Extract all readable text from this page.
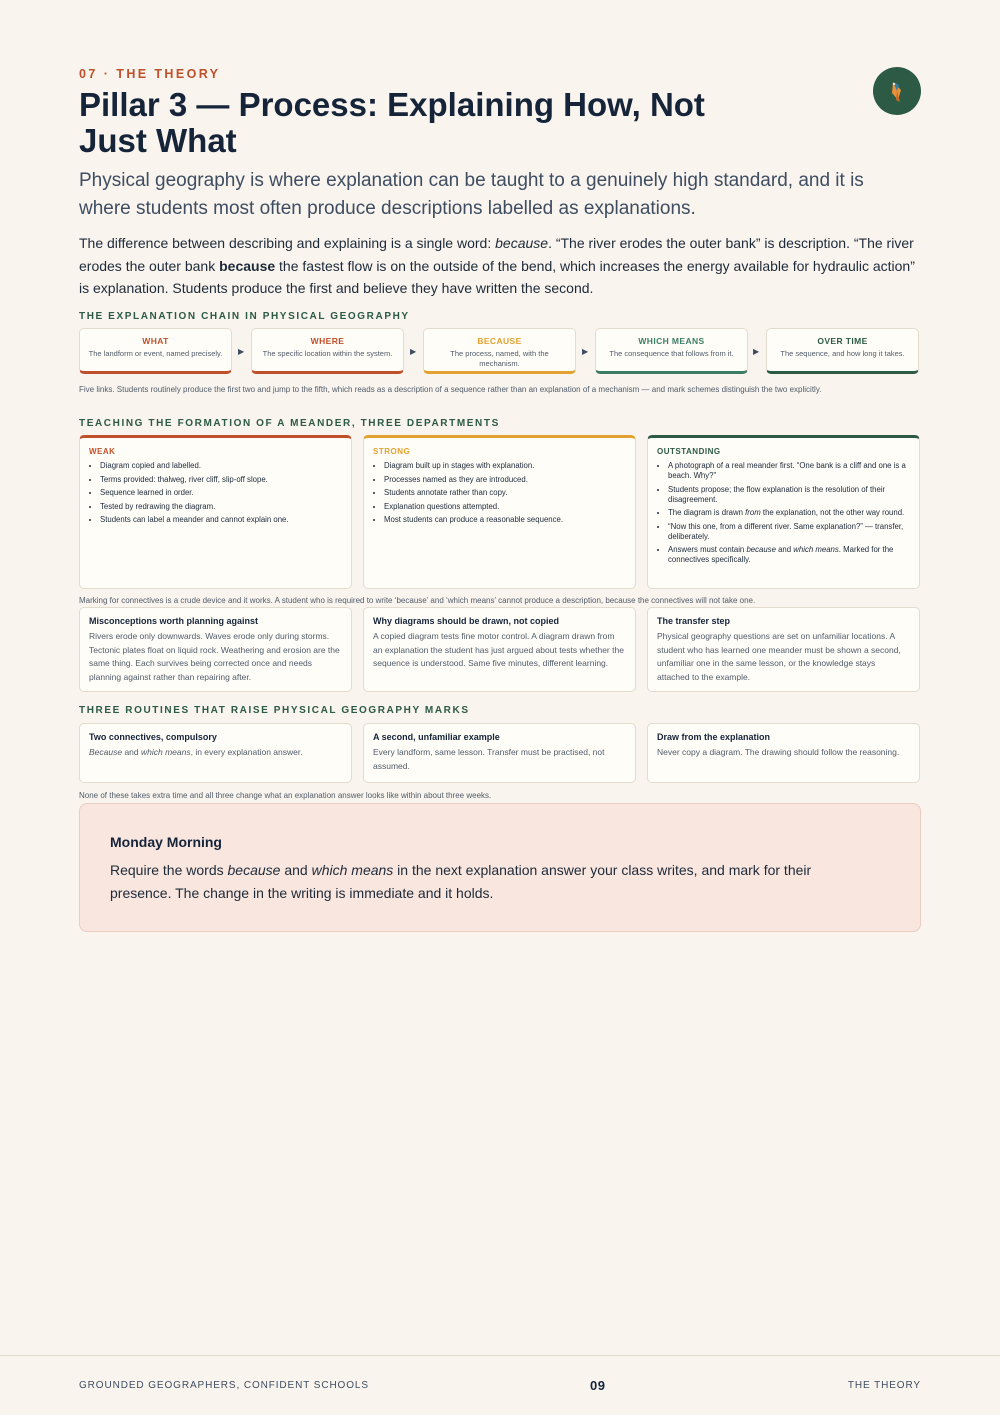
07 · THE THEORY
Pillar 3 — Process: Explaining How, Not Just What

Physical geography is where explanation can be taught to a genuinely high standard, and it is where students most often produce descriptions labelled as explanations.

The difference between describing and explaining is a single word: because. “The river erodes the outer bank” is description. “The river erodes the outer bank because the fastest flow is on the outside of the bend, which increases the energy available for hydraulic action” is explanation. Students produce the first and believe they have written the second.

THE EXPLANATION CHAIN IN PHYSICAL GEOGRAPHY
WHAT
The landform or event, named precisely.	▶
WHERE
The specific location within the system.	▶
BECAUSE
The process, named, with the mechanism.
▶
WHICH MEANS
The consequence that follows from it.	▶
OVER TIME
The sequence, and how long it takes.

Five links. Students routinely produce the first two and jump to the fifth, which reads as a description of a sequence rather than an explanation of a mechanism — and mark schemes distinguish the two explicitly.

TEACHING THE FORMATION OF A MEANDER, THREE DEPARTMENTS
WEAK
• Diagram copied and labelled.
• Terms provided: thalweg, river cliff, slip-off slope.
• Sequence learned in order.
• Tested by redrawing the diagram.
• Students can label a meander and cannot explain one.
STRONG
• Diagram built up in stages with explanation.
• Processes named as they are introduced.
• Students annotate rather than copy.
• Explanation questions attempted.
• Most students can produce a reasonable sequence.
OUTSTANDING
• A photograph of a real meander first. “One bank is a cliff and one is a beach. Why?”
• Students propose; the flow explanation is the resolution of their disagreement.
• The diagram is drawn from the explanation, not the other way round.
• “Now this one, from a different river. Same explanation?” — transfer, deliberately.
• Answers must contain because and which means. Marked for the connectives specifically.

Marking for connectives is a crude device and it works. A student who is required to write ‘because’ and ‘which means’ cannot produce a description, because the connectives will not take one.

Misconceptions worth planning against
Rivers erode only downwards. Waves erode only during storms. Tectonic plates float on liquid rock. Weathering and erosion are the same thing. Each survives being corrected once and needs planning against rather than repairing after.
Why diagrams should be drawn, not copied
A copied diagram tests fine motor control. A diagram drawn from an explanation the student has just argued about tests whether the sequence is understood. Same five minutes, different learning.
The transfer step
Physical geography questions are set on unfamiliar locations. A student who has learned one meander must be shown a second, unfamiliar one in the same lesson, or the knowledge stays attached to the example.
THREE ROUTINES THAT RAISE PHYSICAL GEOGRAPHY MARKS
Two connectives, compulsory
Because and which means, in every explanation answer.
A second, unfamiliar example
Every landform, same lesson. Transfer must be practised, not assumed.
Draw from the explanation
Never copy a diagram. The drawing should follow the reasoning.

None of these takes extra time and all three change what an explanation answer looks like within about three weeks.

Monday Morning
Require the words because and which means in the next explanation answer your class writes, and mark for their presence. The change in the writing is immediate and it holds.
GROUNDED GEOGRAPHERS, CONFIDENT SCHOOLS	09	THE THEORY
